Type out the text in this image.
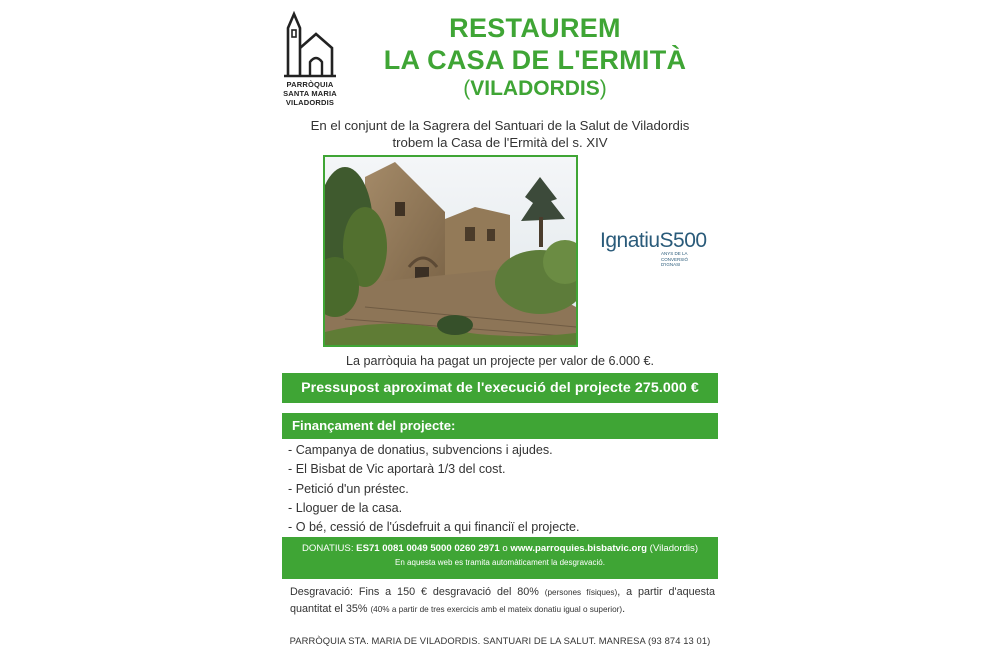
PARRÒQUIA
SANTA MARIA
VILADORDIS
RESTAUREM
LA CASA DE L'ERMITÀ
(VILADORDIS)
En el conjunt de la Sagrera del Santuari de la Salut de Viladordis
trobem la Casa de l'Ermità del s. XIV
IgnatiuS500
ANYS DE LA
CONVERSIÓ
D'IGNASI
La parròquia ha pagat un projecte per valor de 6.000 €.
Pressupost aproximat de l'execució del projecte 275.000 €
Finançament del projecte:
- Campanya de donatius, subvencions i ajudes.
- El Bisbat de Vic aportarà 1/3 del cost.
- Petició d'un préstec.
- Lloguer de la casa.
- O bé, cessió de l'úsdefruit a qui financiï el projecte.
DONATIUS: ES71 0081 0049 5000 0260 2971 o www.parroquies.bisbatvic.org (Viladordis)
En aquesta web es tramita automàticament la desgravació.
Desgravació: Fins a 150 € desgravació del 80% (persones físiques), a partir d'aquesta quantitat el 35% (40% a partir de tres exercicis amb el mateix donatiu igual o superior).
PARRÒQUIA STA. MARIA DE VILADORDIS. SANTUARI DE LA SALUT. MANRESA (93 874 13 01)
